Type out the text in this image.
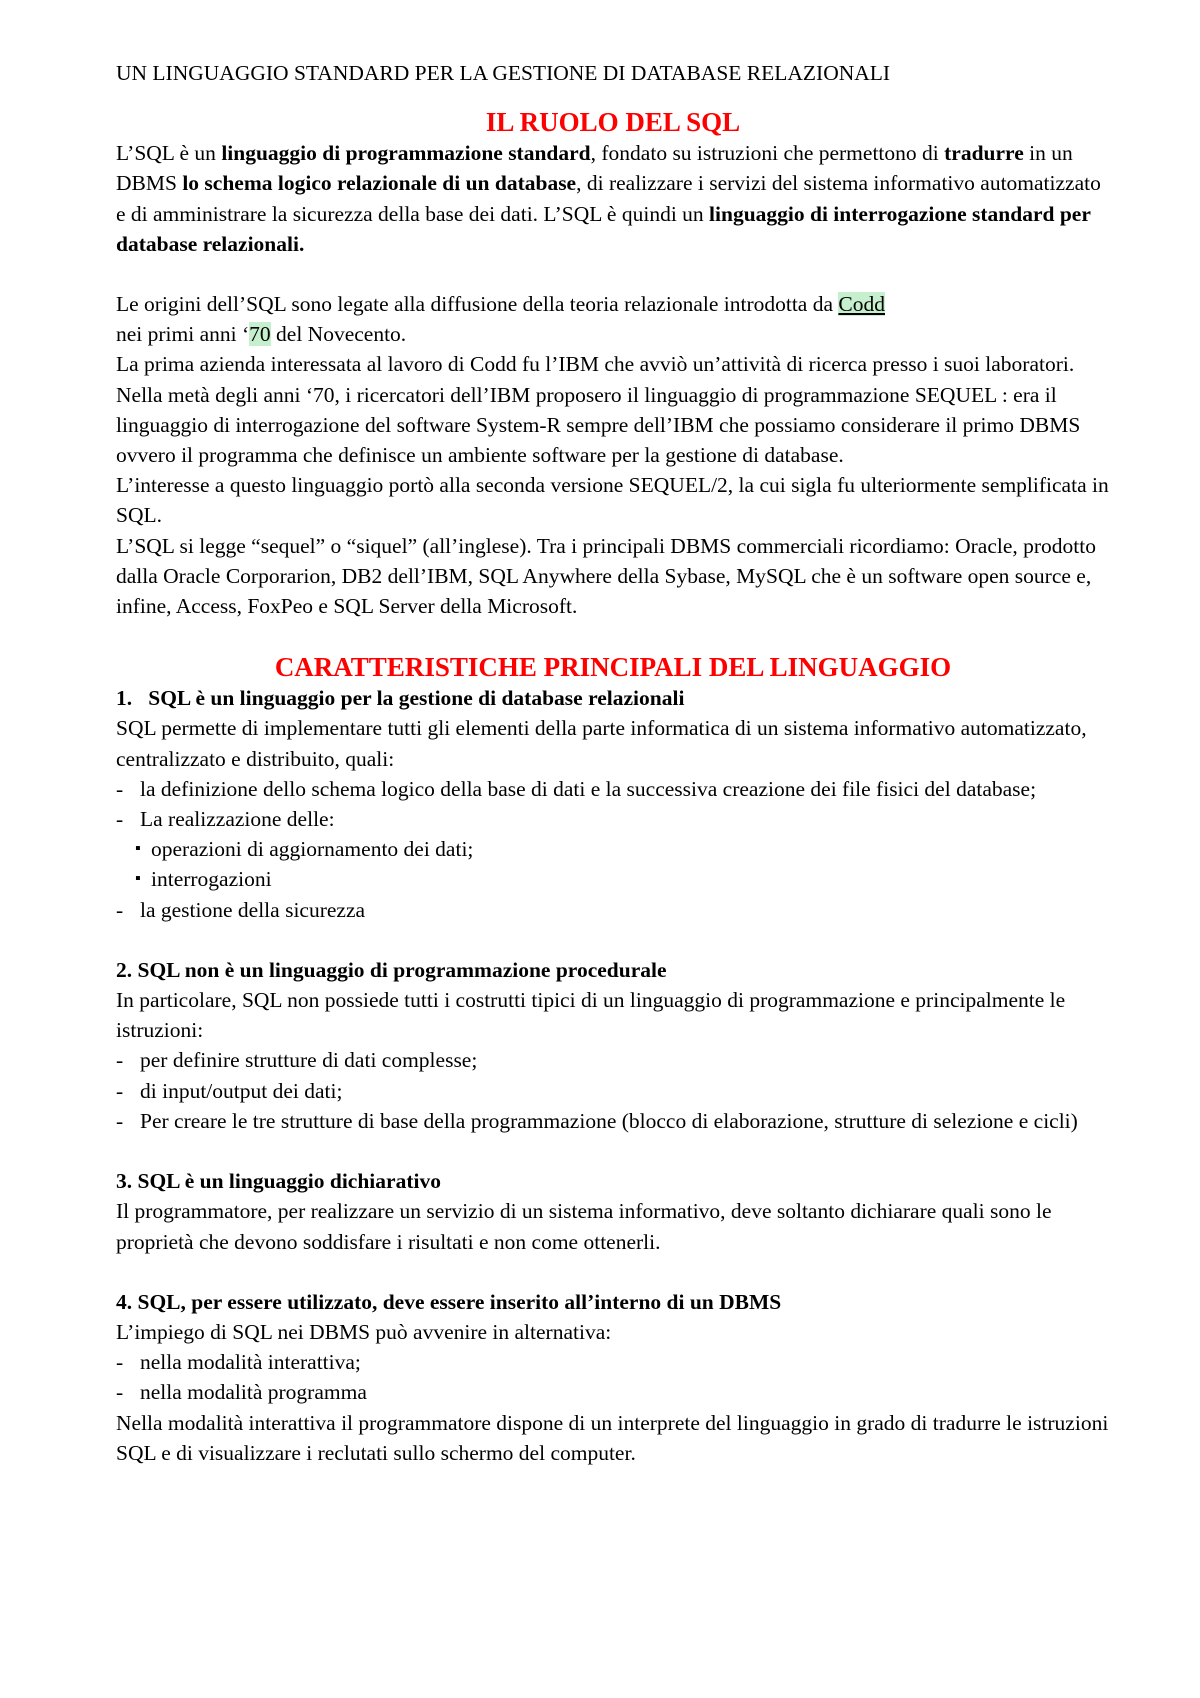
UN LINGUAGGIO STANDARD PER LA GESTIONE DI DATABASE RELAZIONALI

IL RUOLO DEL SQL

L’SQL è un linguaggio di programmazione standard, fondato su istruzioni che permettono di tradurre in un DBMS lo schema logico relazionale di un database, di realizzare i servizi del sistema informativo automatizzato e di amministrare la sicurezza della base dei dati. L’SQL è quindi un linguaggio di interrogazione standard per database relazionali.

Le origini dell’SQL sono legate alla diffusione della teoria relazionale introdotta da Codd
nei primi anni ‘70 del Novecento.

La prima azienda interessata al lavoro di Codd fu l’IBM che avviò un’attività di ricerca presso i suoi laboratori.

Nella metà degli anni ‘70, i ricercatori dell’IBM proposero il linguaggio di programmazione SEQUEL : era il linguaggio di interrogazione del software System-R sempre dell’IBM che possiamo considerare il primo DBMS ovvero il programma che definisce un ambiente software per la gestione di database.

L’interesse a questo linguaggio portò alla seconda versione SEQUEL/2, la cui sigla fu ulteriormente semplificata in SQL.

L’SQL si legge “sequel” o “siquel” (all’inglese). Tra i principali DBMS commerciali ricordiamo: Oracle, prodotto dalla Oracle Corporarion, DB2 dell’IBM, SQL Anywhere della Sybase, MySQL che è un software open source e, infine, Access, FoxPeo e SQL Server della Microsoft.

CARATTERISTICHE PRINCIPALI DEL LINGUAGGIO

1.   SQL è un linguaggio per la gestione di database relazionali

SQL permette di implementare tutti gli elementi della parte informatica di un sistema informativo automatizzato, centralizzato e distribuito, quali:

- la definizione dello schema logico della base di dati e la successiva creazione dei file fisici del database;
- La realizzazione delle:
▪ operazioni di aggiornamento dei dati;
▪ interrogazioni
- la gestione della sicurezza

2. SQL non è un linguaggio di programmazione procedurale

In particolare, SQL non possiede tutti i costrutti tipici di un linguaggio di programmazione e principalmente le istruzioni:

- per definire strutture di dati complesse;
- di input/output dei dati;
- Per creare le tre strutture di base della programmazione (blocco di elaborazione, strutture di selezione e cicli)

3. SQL è un linguaggio dichiarativo

Il programmatore, per realizzare un servizio di un sistema informativo, deve soltanto dichiarare quali sono le proprietà che devono soddisfare i risultati e non come ottenerli.

4. SQL, per essere utilizzato, deve essere inserito all’interno di un DBMS

L’impiego di SQL nei DBMS può avvenire in alternativa:

- nella modalità interattiva;
- nella modalità programma

Nella modalità interattiva il programmatore dispone di un interprete del linguaggio in grado di tradurre le istruzioni SQL e di visualizzare i reclutati sullo schermo del computer.
